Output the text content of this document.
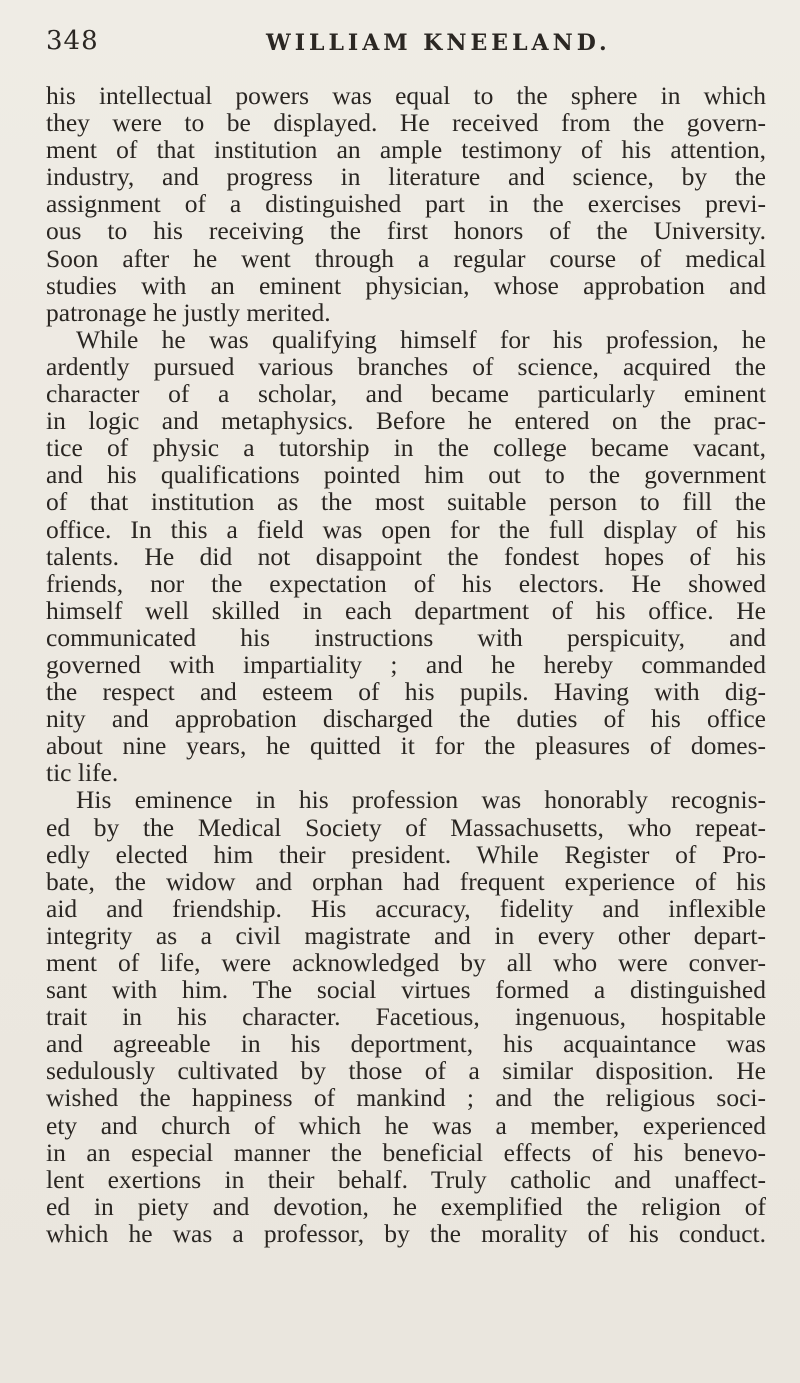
348	WILLIAM KNEELAND.
his intellectual powers was equal to the sphere in which
they were to be displayed. He received from the govern-
ment of that institution an ample testimony of his attention,
industry, and progress in literature and science, by the
assignment of a distinguished part in the exercises previ-
ous to his receiving the first honors of the University.
Soon after he went through a regular course of medical
studies with an eminent physician, whose approbation and
patronage he justly merited.
While he was qualifying himself for his profession, he
ardently pursued various branches of science, acquired the
character of a scholar, and became particularly eminent
in logic and metaphysics. Before he entered on the prac-
tice of physic a tutorship in the college became vacant,
and his qualifications pointed him out to the government
of that institution as the most suitable person to fill the
office. In this a field was open for the full display of his
talents. He did not disappoint the fondest hopes of his
friends, nor the expectation of his electors. He showed
himself well skilled in each department of his office. He
communicated his instructions with perspicuity, and
governed with impartiality ; and he hereby commanded
the respect and esteem of his pupils. Having with dig-
nity and approbation discharged the duties of his office
about nine years, he quitted it for the pleasures of domes-
tic life.
His eminence in his profession was honorably recognis-
ed by the Medical Society of Massachusetts, who repeat-
edly elected him their president. While Register of Pro-
bate, the widow and orphan had frequent experience of his
aid and friendship. His accuracy, fidelity and inflexible
integrity as a civil magistrate and in every other depart-
ment of life, were acknowledged by all who were conver-
sant with him. The social virtues formed a distinguished
trait in his character. Facetious, ingenuous, hospitable
and agreeable in his deportment, his acquaintance was
sedulously cultivated by those of a similar disposition. He
wished the happiness of mankind ; and the religious soci-
ety and church of which he was a member, experienced
in an especial manner the beneficial effects of his benevo-
lent exertions in their behalf. Truly catholic and unaffect-
ed in piety and devotion, he exemplified the religion of
which he was a professor, by the morality of his conduct.
